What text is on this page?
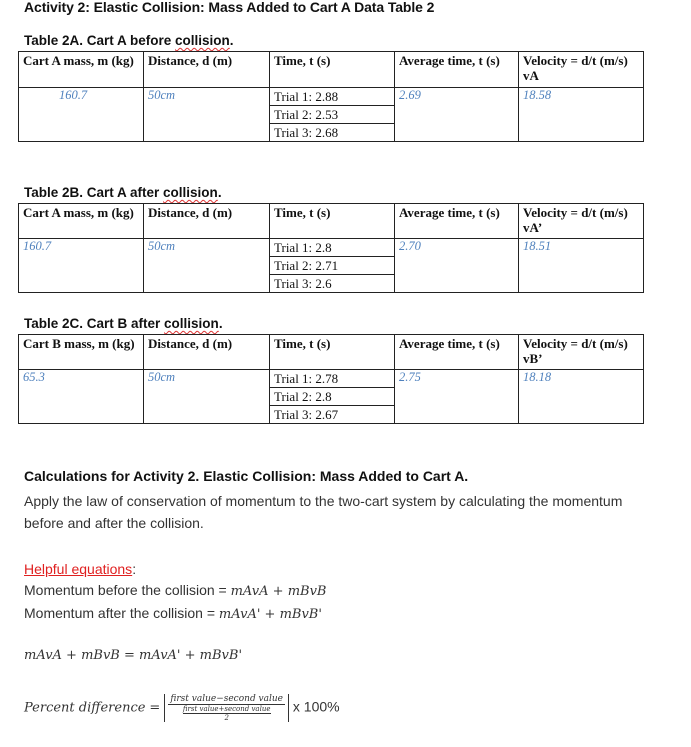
Activity 2: Elastic Collision: Mass Added to Cart A Data Table 2
Table 2A. Cart A before collision.
Cart A mass, m (kg)	Distance, d (m)	Time, t (s)	Average time, t (s)	Velocity = d/t (m/s) vA
160.7	50cm	Trial 1: 2.88
Trial 2: 2.53
Trial 3: 2.68	2.69	18.58
Table 2B. Cart A after collision.
Cart A mass, m (kg)	Distance, d (m)	Time, t (s)	Average time, t (s)	Velocity = d/t (m/s) vA’
160.7	50cm	Trial 1: 2.8
Trial 2: 2.71
Trial 3: 2.6	2.70	18.51
Table 2C. Cart B after collision.
Cart B mass, m (kg)	Distance, d (m)	Time, t (s)	Average time, t (s)	Velocity = d/t (m/s) vB’
65.3	50cm	Trial 1: 2.78
Trial 2: 2.8
Trial 3: 2.67	2.75	18.18
Calculations for Activity 2. Elastic Collision: Mass Added to Cart A.
Apply the law of conservation of momentum to the two-cart system by calculating the momentum before and after the collision.
Helpful equations:
Momentum before the collision = mAvA + mBvB
Momentum after the collision = mAvA' + mBvB'
mAvA + mBvB = mAvA' + mBvB'
Percent difference =
first value−second value
first value+second value
2
x 100%
